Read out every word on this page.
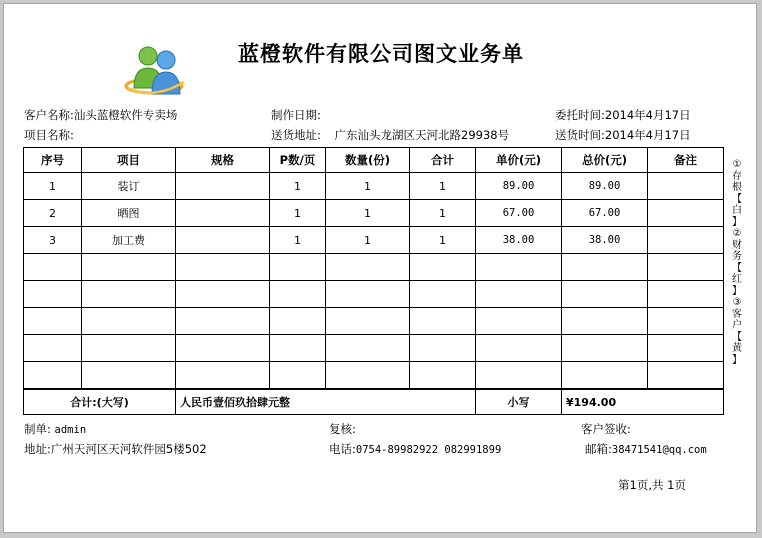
蓝橙软件有限公司图文业务单
客户名称:汕头蓝橙软件专卖场
项目名称:
制作日期:
送货地址: 广东汕头龙湖区天河北路29938号
委托时间:2014年4月17日
送货时间:2014年4月17日
序号	项目	规格	P数/页	数量(份)	合计	单价(元)	总价(元)	备注
1	装订		1	1	1	89.00	89.00	
2	晒图		1	1	1	67.00	67.00	
3	加工费		1	1	1	38.00	38.00	

合计:(大写)		人民币壹佰玖拾肆元整				小写	¥194.00	
①
存
根
【
白
】
②
财
务
【
红
】
③
客
户
【
黄
】
制单: admin	复核:	客户签收:
地址:广州天河区天河软件园5楼502	电话:0754-89982922 082991899	邮箱:38471541@qq.com
第1页,共 1页
